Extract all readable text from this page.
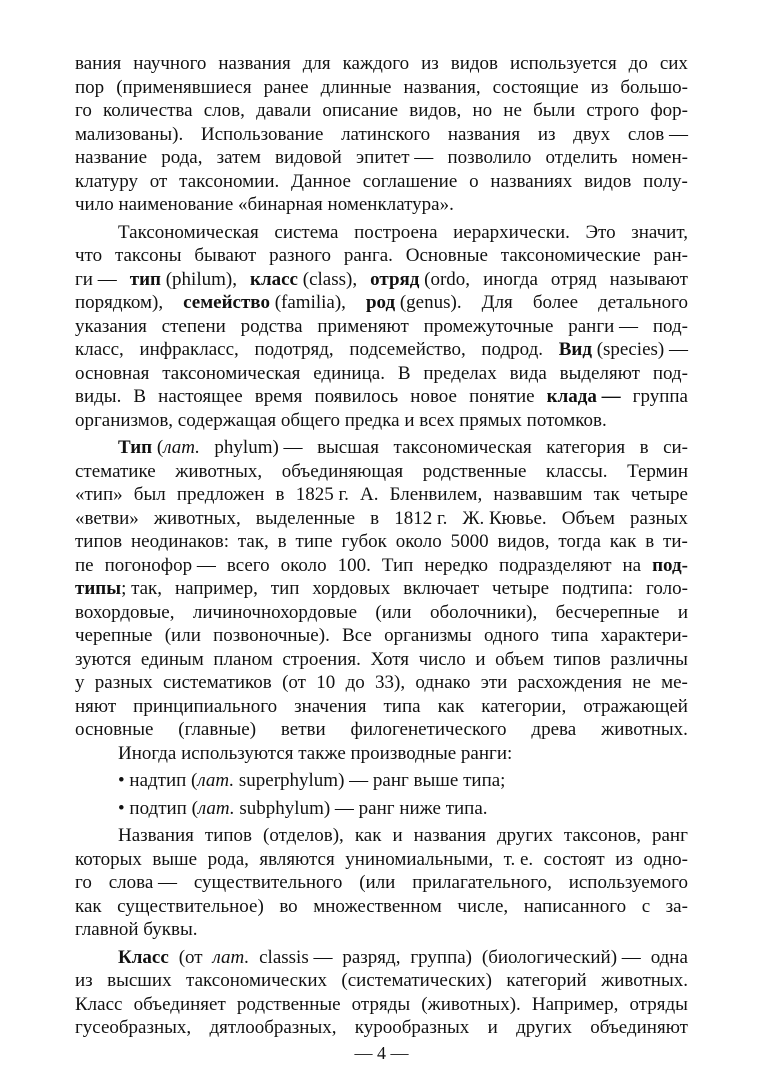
вания научного названия для каждого из видов используется до сих
пор (применявшиеся ранее длинные названия, состоящие из большо-
го количества слов, давали описание видов, но не были строго фор-
мализованы). Использование латинского названия из двух слов —
название рода, затем видовой эпитет — позволило отделить номен-
клатуру от таксономии. Данное соглашение о названиях видов полу-
чило наименование «бинарная номенклатура».
Таксономическая система построена иерархически. Это значит,
что таксоны бывают разного ранга. Основные таксономические ран-
ги — тип (philum), класс (class), отряд (ordo, иногда отряд называют
порядком), семейство (familia), род (genus). Для более детального
указания степени родства применяют промежуточные ранги — под-
класс, инфракласс, подотряд, подсемейство, подрод. Вид (species) —
основная таксономическая единица. В пределах вида выделяют под-
виды. В настоящее время появилось новое понятие клада — группа
организмов, содержащая общего предка и всех прямых потомков.
Тип (лат. phylum) — высшая таксономическая категория в си-
стематике животных, объединяющая родственные классы. Термин
«тип» был предложен в 1825 г. А. Бленвилем, назвавшим так четыре
«ветви» животных, выделенные в 1812 г. Ж. Кювье. Объем разных
типов неодинаков: так, в типе губок около 5000 видов, тогда как в ти-
пе погонофор — всего около 100. Тип нередко подразделяют на под-
типы; так, например, тип хордовых включает четыре подтипа: голо-
вохордовые, личиночнохордовые (или оболочники), бесчерепные и
черепные (или позвоночные). Все организмы одного типа характери-
зуются единым планом строения. Хотя число и объем типов различны
у разных систематиков (от 10 до 33), однако эти расхождения не ме-
няют принципиального значения типа как категории, отражающей
основные (главные) ветви филогенетического древа животных.
Иногда используются также производные ранги:
• надтип (лат. superphylum) — ранг выше типа;
• подтип (лат. subphylum) — ранг ниже типа.
Названия типов (отделов), как и названия других таксонов, ранг
которых выше рода, являются униномиальными, т. е. состоят из одно-
го слова — существительного (или прилагательного, используемого
как существительное) во множественном числе, написанного с за-
главной буквы.
Класс (от лат. classis — разряд, группа) (биологический) — одна
из высших таксономических (систематических) категорий животных.
Класс объединяет родственные отряды (животных). Например, отряды
гусеобразных, дятлообразных, курообразных и других объединяют
— 4 —
